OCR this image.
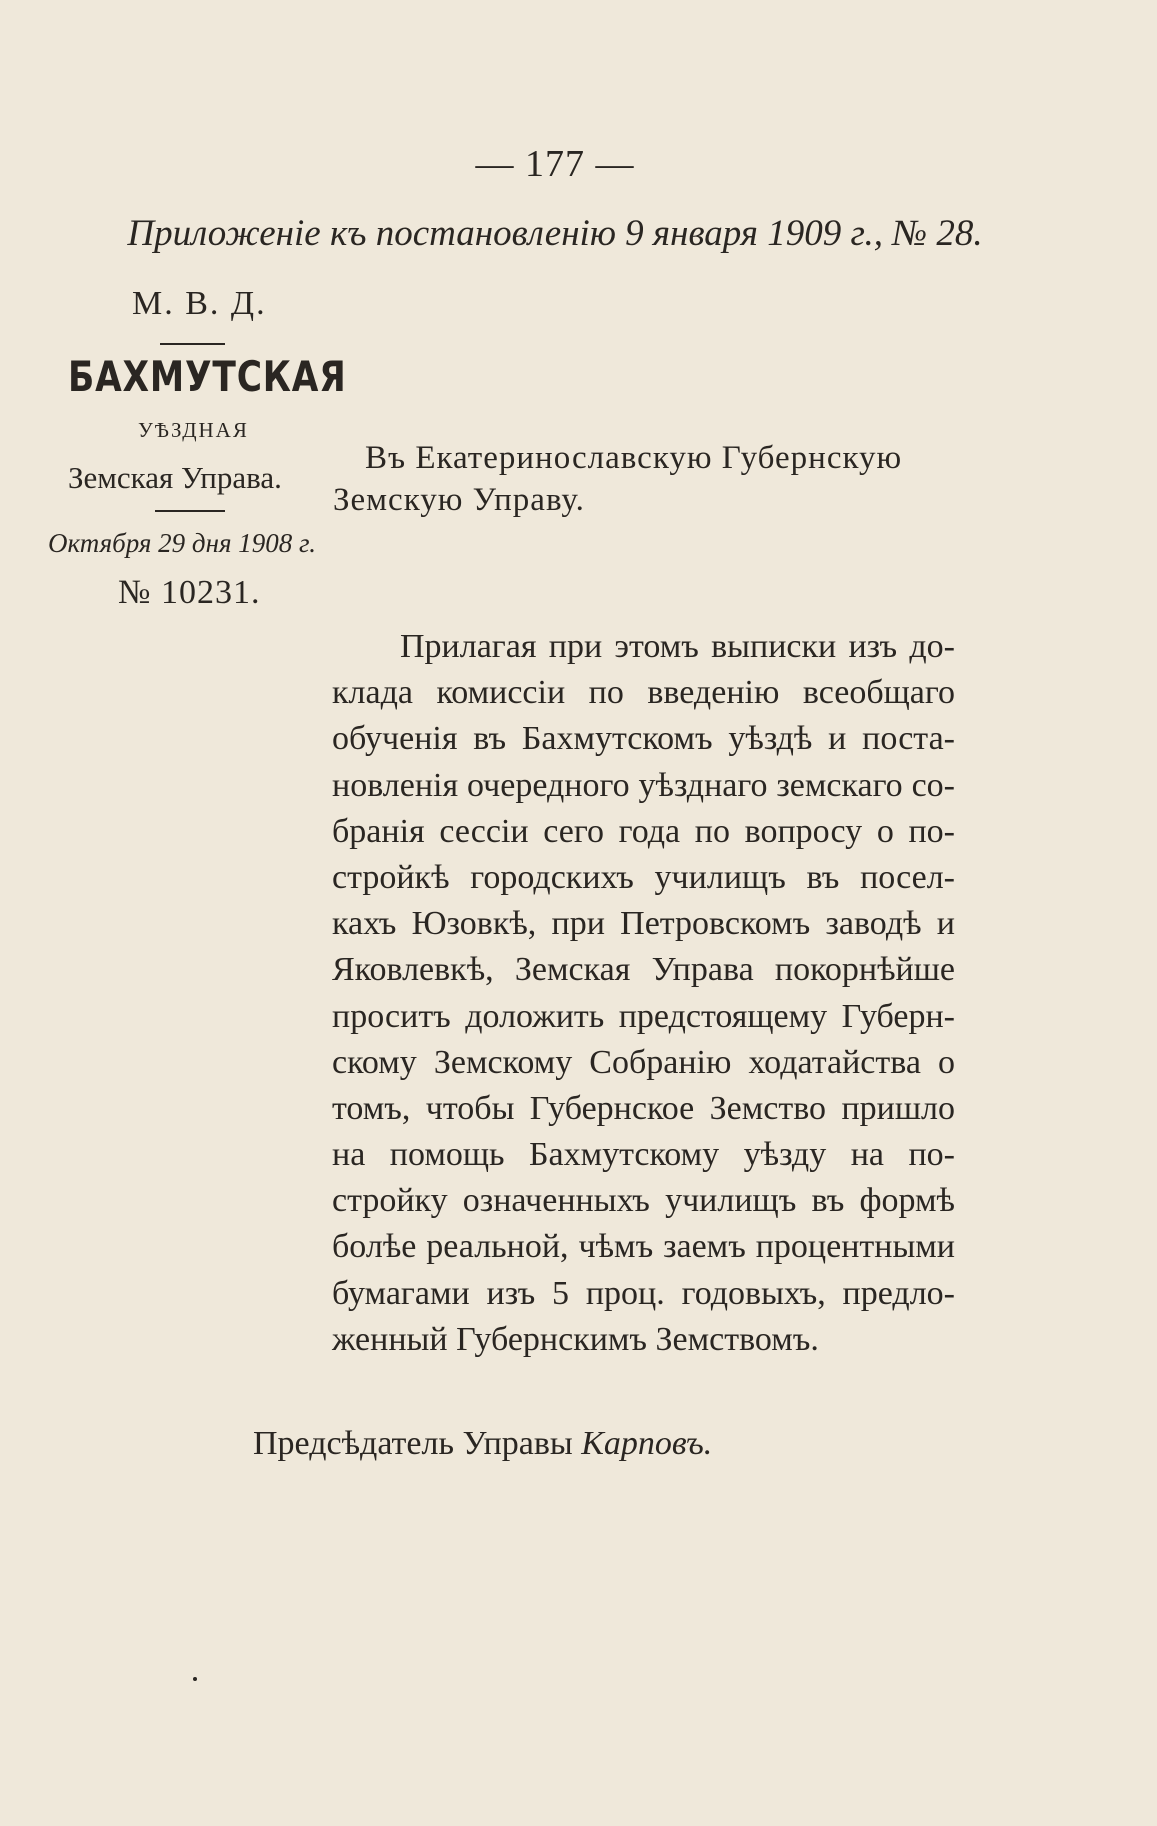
— 177 —
Приложенiе къ постановленiю 9 января 1909 г., № 28.
М. В. Д.
БАХМУТСКАЯ
УѢЗДНАЯ
Земская Управа.
Октября 29 дня 1908 г.
№ 10231.
Въ Екатеринославскую Губернскую
Земскую Управу.
Прилагая при этомъ выписки изъ до-
клада комиссiи по введенiю всеобщаго
обученiя въ Бахмутскомъ уѣздѣ и поста-
новленiя очередного уѣзднаго земскаго со-
бранiя сессiи сего года по вопросу о по-
стройкѣ городскихъ училищъ въ посел-
кахъ Юзовкѣ, при Петровскомъ заводѣ и
Яковлевкѣ, Земская Управа покорнѣйше
проситъ доложить предстоящему Губерн-
скому Земскому Собранiю ходатайства о
томъ, чтобы Губернское Земство пришло
на помощь Бахмутскому уѣзду на по-
стройку означенныхъ училищъ въ формѣ
болѣе реальной, чѣмъ заемъ процентными
бумагами изъ 5 проц. годовыхъ, предло-
женный Губернскимъ Земствомъ.
Предсѣдатель Управы Карповъ.
